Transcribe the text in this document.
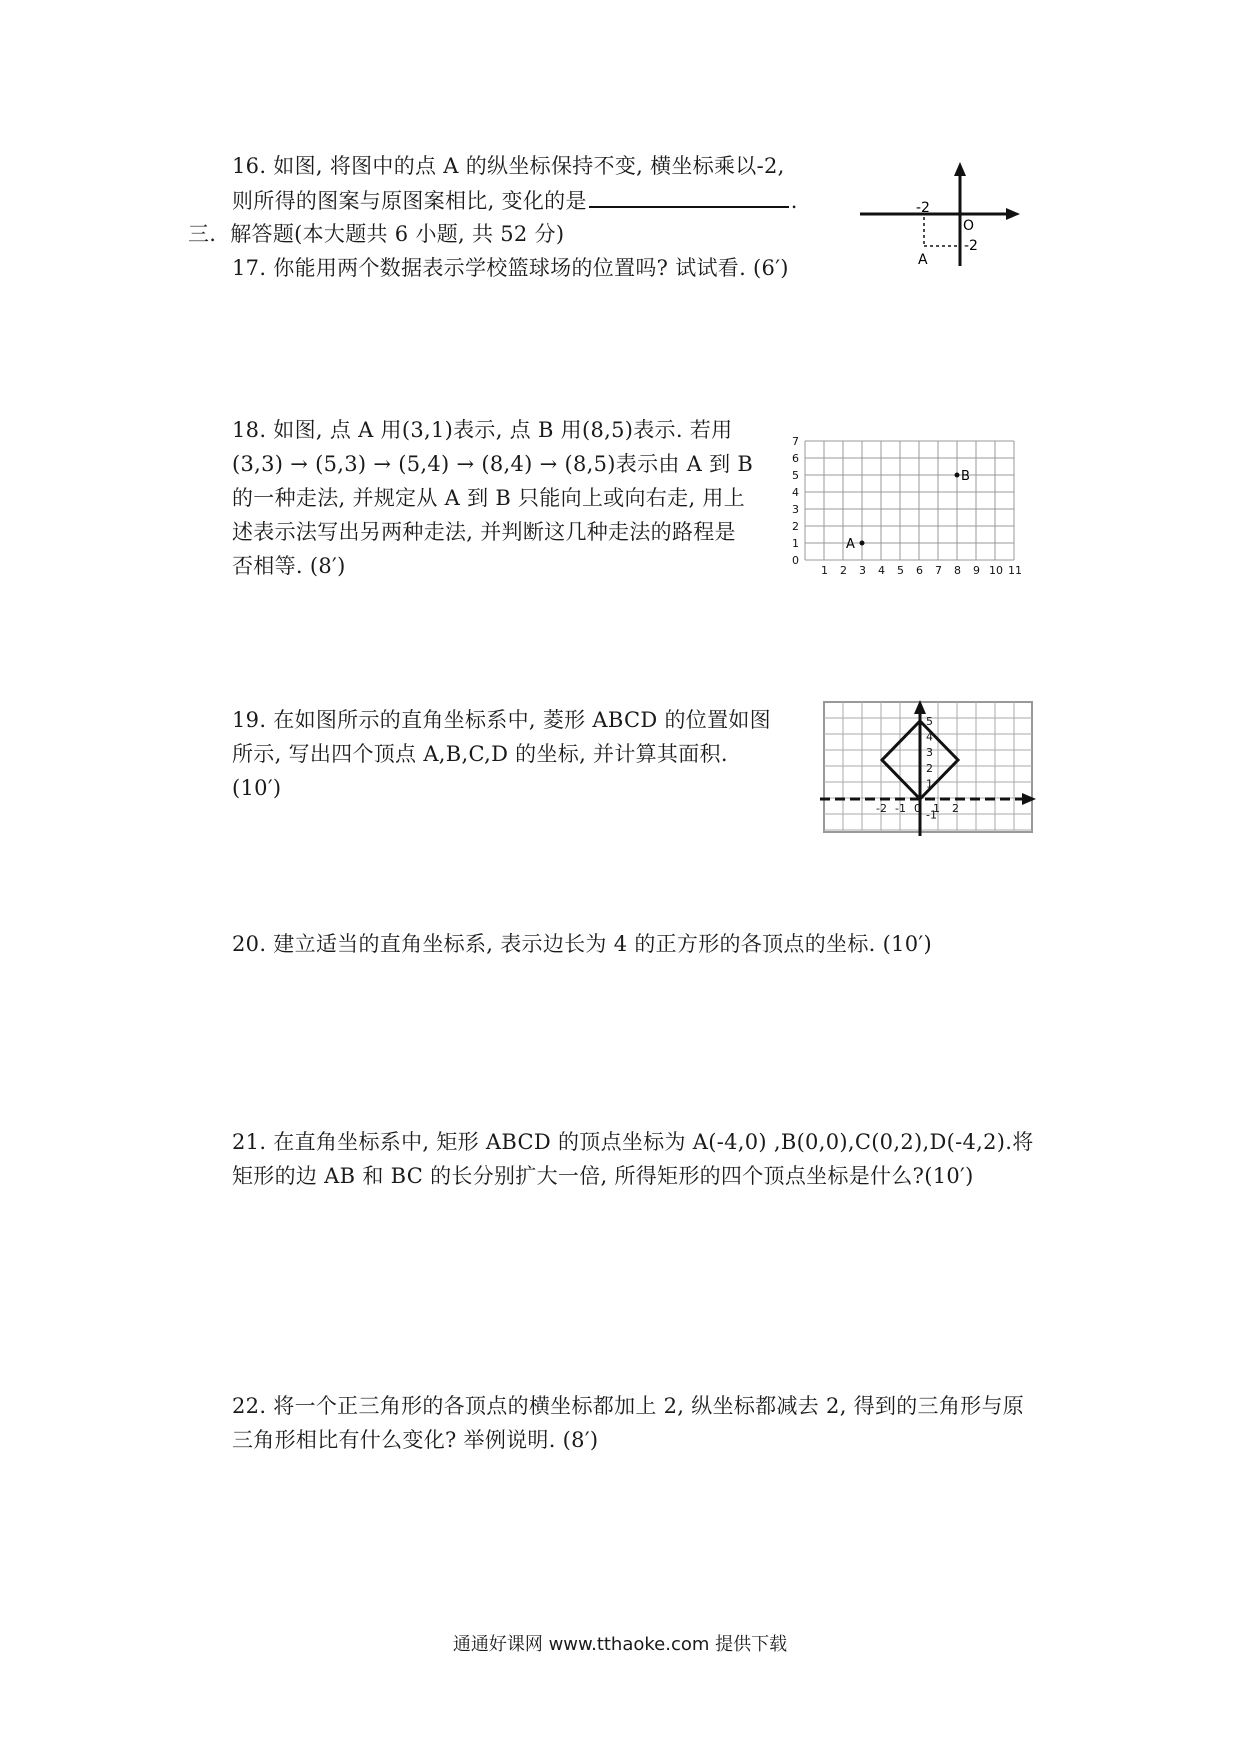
16. 如图, 将图中的点 A 的纵坐标保持不变, 横坐标乘以-2,
则所得的图案与原图案相比, 变化的是	.	-2
-2
O
A
三. 解答题(本大题共 6 小题, 共 52 分)
17. 你能用两个数据表示学校篮球场的位置吗? 试试看. (6′)
18. 如图, 点 A 用(3,1)表示, 点 B 用(8,5)表示. 若用
(3,3) → (5,3) → (5,4) → (8,4) → (8,5)表示由 A 到 B
的一种走法, 并规定从 A 到 B 只能向上或向右走, 用上
述表示法写出另两种走法, 并判断这几种走法的路程是
否相等. (8′)
7
6
5
4
3
2
1
0
1 2 3 4 5 6 7 8 9 10 11
A
B
19. 在如图所示的直角坐标系中, 菱形 ABCD 的位置如图
所示, 写出四个顶点 A,B,C,D 的坐标, 并计算其面积.
(10′)
5
4
3
2
1
-1
-2 -1 0 1 2
20. 建立适当的直角坐标系, 表示边长为 4 的正方形的各顶点的坐标. (10′)
21. 在直角坐标系中, 矩形 ABCD 的顶点坐标为 A(-4,0) ,B(0,0),C(0,2),D(-4,2).将
矩形的边 AB 和 BC 的长分别扩大一倍, 所得矩形的四个顶点坐标是什么?(10′)
22. 将一个正三角形的各顶点的横坐标都加上 2, 纵坐标都减去 2, 得到的三角形与原
三角形相比有什么变化? 举例说明. (8′)
通通好课网 www.tthaoke.com 提供下载
